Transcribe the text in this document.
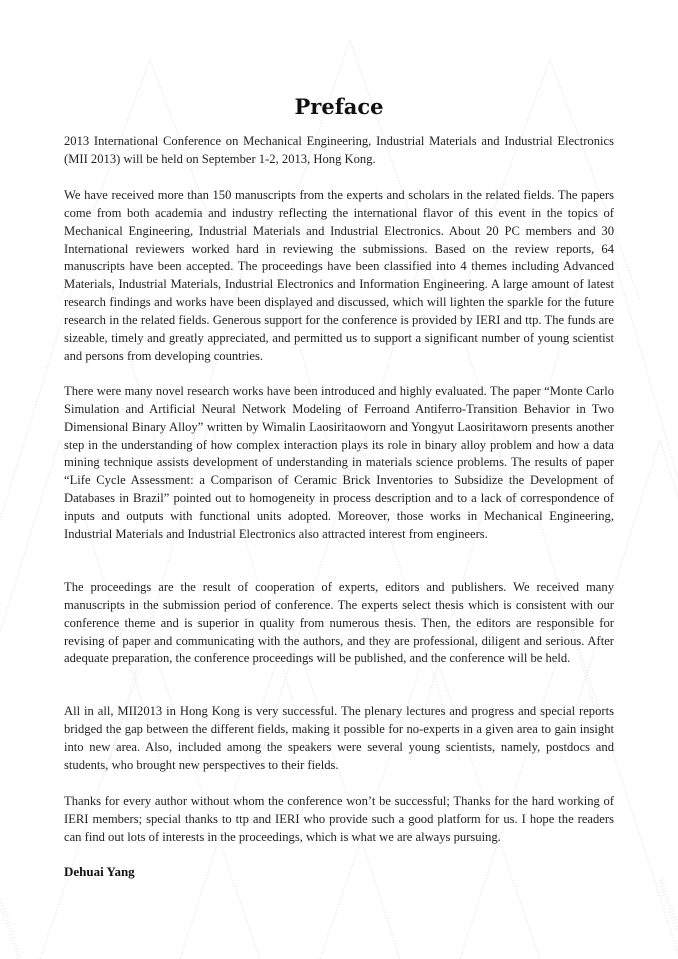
Preface

2013 International Conference on Mechanical Engineering, Industrial Materials and Industrial Electronics (MII 2013) will be held on September 1-2, 2013, Hong Kong.

We have received more than 150 manuscripts from the experts and scholars in the related fields. The papers come from both academia and industry reflecting the international flavor of this event in the topics of Mechanical Engineering, Industrial Materials and Industrial Electronics. About 20 PC members and 30 International reviewers worked hard in reviewing the submissions. Based on the review reports, 64 manuscripts have been accepted. The proceedings have been classified into 4 themes including Advanced Materials, Industrial Materials, Industrial Electronics and Information Engineering. A large amount of latest research findings and works have been displayed and discussed, which will lighten the sparkle for the future research in the related fields. Generous support for the conference is provided by IERI and ttp. The funds are sizeable, timely and greatly appreciated, and permitted us to support a significant number of young scientist and persons from developing countries.

There were many novel research works have been introduced and highly evaluated. The paper “Monte Carlo Simulation and Artificial Neural Network Modeling of Ferroand Antiferro-Transition Behavior in Two Dimensional Binary Alloy” written by Wimalin Laosiritaoworn and Yongyut Laosiritaworn presents another step in the understanding of how complex interaction plays its role in binary alloy problem and how a data mining technique assists development of understanding in materials science problems. The results of paper “Life Cycle Assessment: a Comparison of Ceramic Brick Inventories to Subsidize the Development of Databases in Brazil” pointed out to homogeneity in process description and to a lack of correspondence of inputs and outputs with functional units adopted. Moreover, those works in Mechanical Engineering, Industrial Materials and Industrial Electronics also attracted interest from engineers.

The proceedings are the result of cooperation of experts, editors and publishers. We received many manuscripts in the submission period of conference. The experts select thesis which is consistent with our conference theme and is superior in quality from numerous thesis. Then, the editors are responsible for revising of paper and communicating with the authors, and they are professional, diligent and serious. After adequate preparation, the conference proceedings will be published, and the conference will be held.

All in all, MII2013 in Hong Kong is very successful. The plenary lectures and progress and special reports bridged the gap between the different fields, making it possible for no-experts in a given area to gain insight into new area. Also, included among the speakers were several young scientists, namely, postdocs and students, who brought new perspectives to their fields.

Thanks for every author without whom the conference won’t be successful; Thanks for the hard working of IERI members; special thanks to ttp and IERI who provide such a good platform for us. I hope the readers can find out lots of interests in the proceedings, which is what we are always pursuing.

Dehuai Yang
